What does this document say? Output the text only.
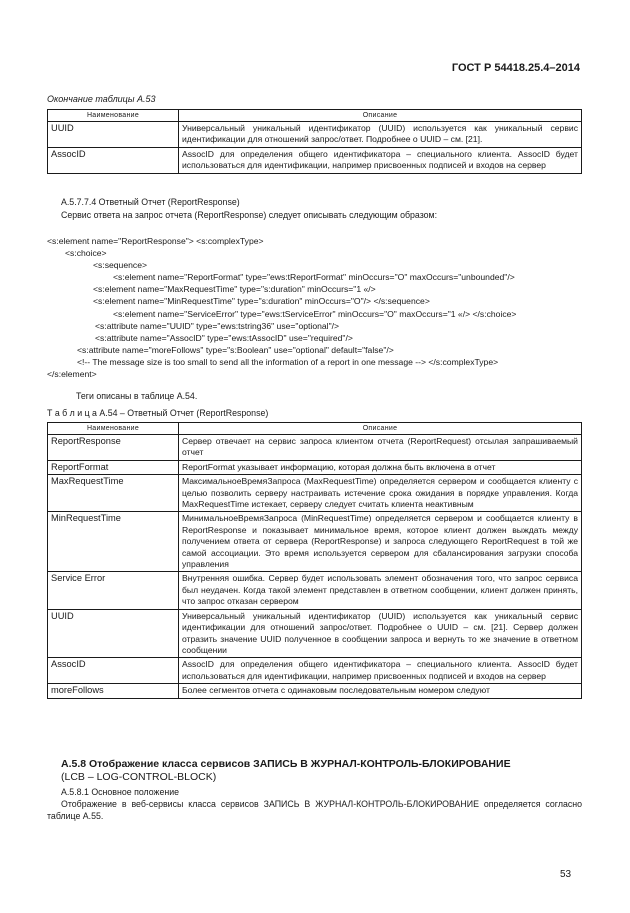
ГОСТ Р 54418.25.4–2014
Окончание таблицы А.53
Наименование	Описание
UUID	Универсальный уникальный идентификатор (UUID) используется как уникальный сервис идентификации для отношений запрос/ответ. Подробнее о UUID – см. [21].
AssocID	AssocID для определения общего идентификатора – специального клиента. AssocID будет использоваться для идентификации, например присвоенных подписей и входов на сервер
А.5.7.7.4 Ответный Отчет (ReportResponse)
Сервис ответа на запрос отчета (ReportResponse) следует описывать следующим образом:
<s:element name="ReportResponse"> <s:complexType>
<s:choice>
<s:sequence>
<s:element name="ReportFormat" type="ews:tReportFormat" minOccurs="O" maxOccurs="unbounded"/>
<s:element name="MaxRequestTime" type="s:duration" minOccurs="1 «/>
<s:element name="MinRequestTime" type="s:duration" minOccurs="O"/> </s:sequence>
<s:element name="ServiceError" type="ews:tServiceError" minOccurs="O" maxOccurs="1 «/> </s:choice>
<s:attribute name="UUID" type="ews:tstring36" use="optional"/>
<s:attribute name="AssocID" type="ews:tAssocID" use="required"/>
<s:attribute name="moreFollows" type="s:Boolean" use="optional" default="false"/>
<!-- The message size is too small to send all the information of a report in one message --> </s:complexType>
</s:element>
Теги описаны в таблице А.54.
Т а б л и ц а А.54 – Ответный Отчет (ReportResponse)
Наименование	Описание
ReportResponse	Сервер отвечает на сервис запроса клиентом отчета (ReportRequest) отсылая запрашиваемый отчет
ReportFormat	ReportFormat указывает информацию, которая должна быть включена в отчет
MaxRequestTime	МаксимальноеВремяЗапроса (MaxRequestTime) определяется сервером и сообщается клиенту с целью позволить серверу настраивать истечение срока ожидания в порядке управления. Когда MaxRequestTime истекает, серверу следует считать клиента неактивным
MinRequestTime	МинимальноеВремяЗапроса (MinRequestTime) определяется сервером и сообщается клиенту в ReportResponse и показывает минимальное время, которое клиент должен выждать между получением ответа от сервера (ReportResponse) и запроса следующего ReportRequest в той же самой ассоциации. Это время используется сервером для сбалансирования загрузки способа управления
Service Error	Внутренняя ошибка. Сервер будет использовать элемент обозначения того, что запрос сервиса был неудачен. Когда такой элемент представлен в ответном сообщении, клиент должен принять, что запрос отказан сервером
UUID	Универсальный уникальный идентификатор (UUID) используется как уникальный сервис идентификации для отношений запрос/ответ. Подробнее о UUID – см. [21]. Сервер должен отразить значение UUID полученное в сообщении запроса и вернуть то же значение в ответном сообщении
AssocID	AssocID для определения общего идентификатора – специального клиента. AssocID будет использоваться для идентификации, например присвоенных подписей и входов на сервер
moreFollows	Более сегментов отчета с одинаковым последовательным номером следуют
А.5.8 Отображение класса сервисов ЗАПИСЬ В ЖУРНАЛ-КОНТРОЛЬ-БЛОКИРОВАНИЕ
(LCB – LOG-CONTROL-BLOCK)
А.5.8.1 Основное положение
Отображение в веб-сервисы класса сервисов ЗАПИСЬ В ЖУРНАЛ-КОНТРОЛЬ-БЛОКИРОВАНИЕ определяется согласно таблице А.55.
53
